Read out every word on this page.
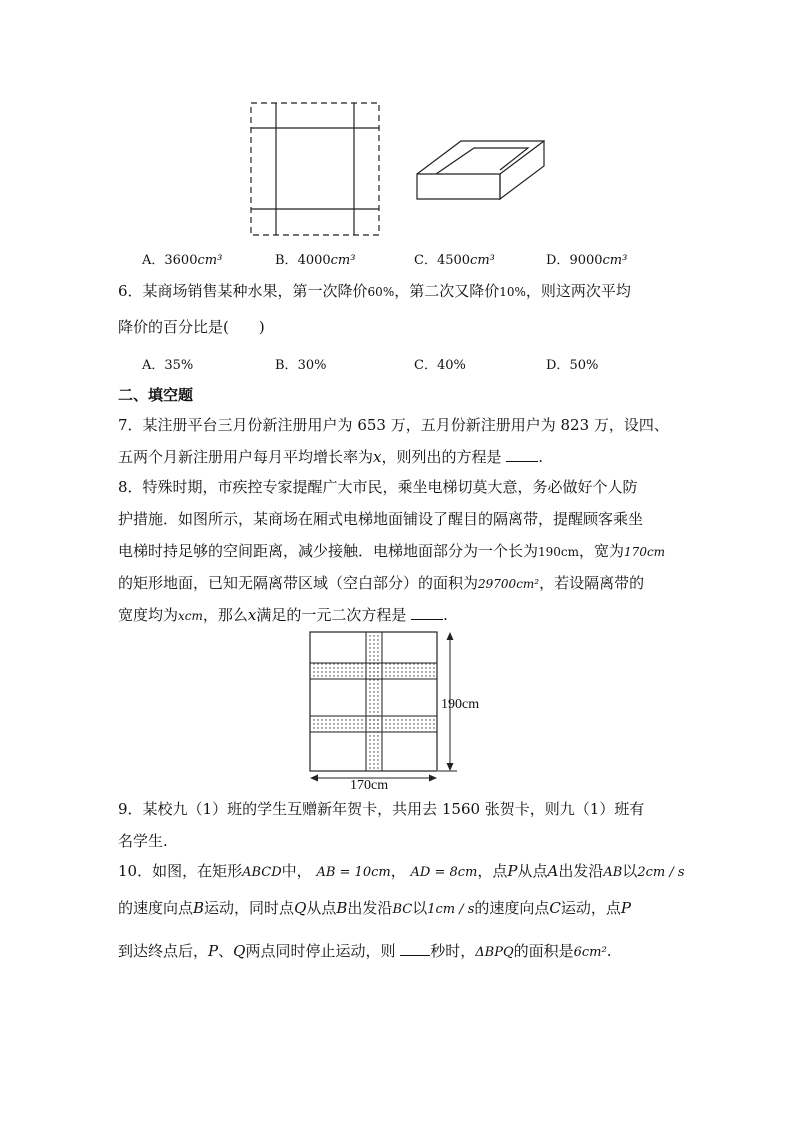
A．3600cm³	B．4000cm³	C．4500cm³	D．9000cm³
6．某商场销售某种水果，第一次降价60%，第二次又降价10%，则这两次平均
降价的百分比是(　　)
A．35%	B．30%	C．40%	D．50%
二、填空题
7．某注册平台三月份新注册用户为 653 万，五月份新注册用户为 823 万，设四、
五两个月新注册用户每月平均增长率为x，则列出的方程是 .
8．特殊时期，市疾控专家提醒广大市民，乘坐电梯切莫大意，务必做好个人防
护措施．如图所示，某商场在厢式电梯地面铺设了醒目的隔离带，提醒顾客乘坐
电梯时持足够的空间距离，减少接触．电梯地面部分为一个长为190cm，宽为170cm
的矩形地面，已知无隔离带区域（空白部分）的面积为29700cm²，若设隔离带的
宽度均为xcm，那么x满足的一元二次方程是 .
190cm
170cm
9．某校九（1）班的学生互赠新年贺卡，共用去 1560 张贺卡，则九（1）班有
名学生.
10．如图，在矩形ABCD中， AB = 10cm， AD = 8cm，点P从点A出发沿AB以2cm / s
的速度向点B运动，同时点Q从点B出发沿BC以1cm / s的速度向点C运动，点P
到达终点后，P、Q两点同时停止运动，则 秒时，ΔBPQ的面积是6cm².
